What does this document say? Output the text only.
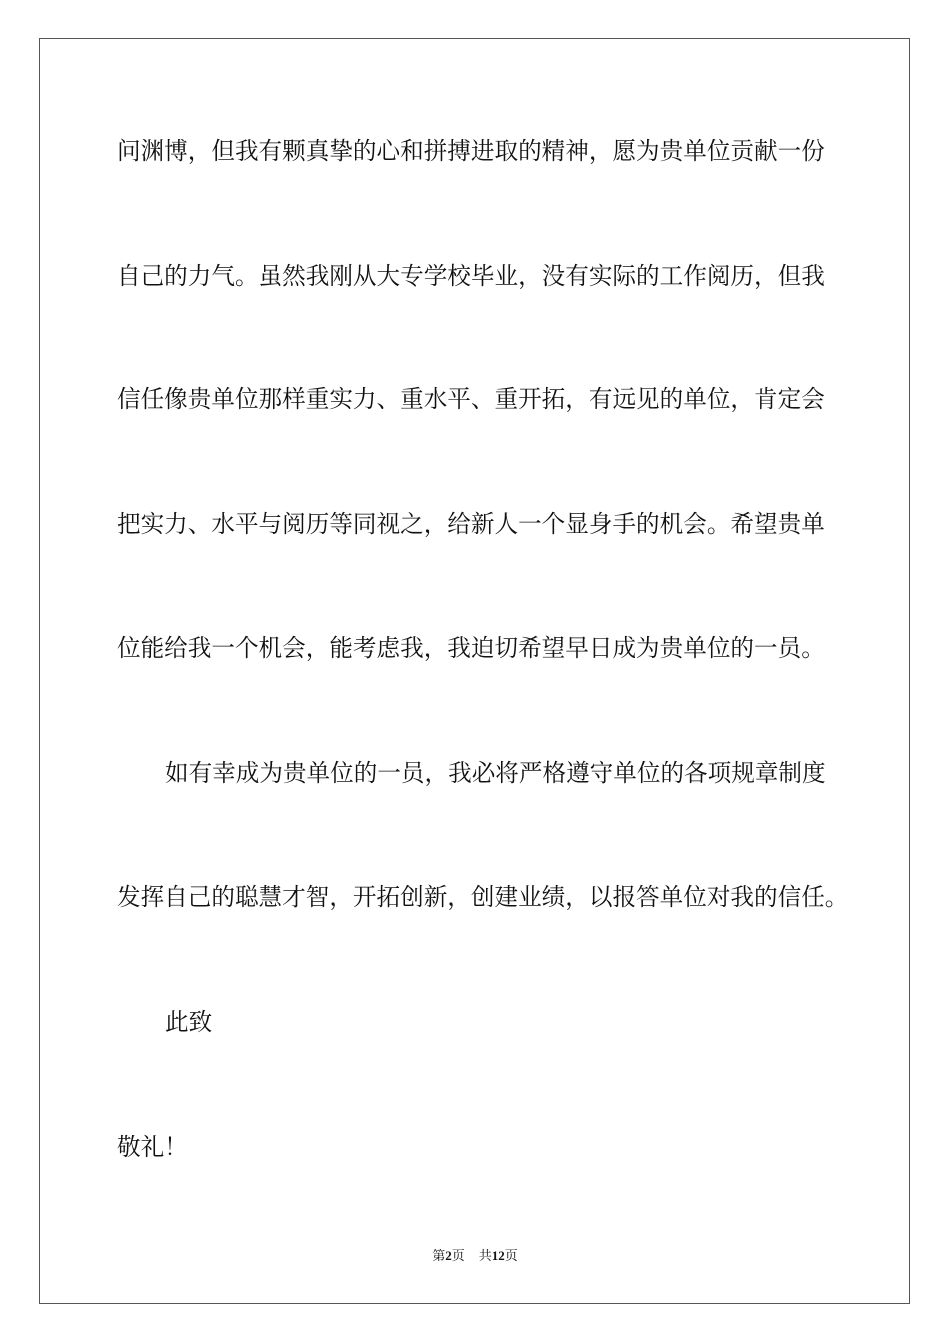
问渊博，但我有颗真挚的心和拼搏进取的精神，愿为贵单位贡献一份

自己的力气。虽然我刚从大专学校毕业，没有实际的工作阅历，但我

信任像贵单位那样重实力、重水平、重开拓，有远见的单位，肯定会

把实力、水平与阅历等同视之，给新人一个显身手的机会。希望贵单

位能给我一个机会，能考虑我，我迫切希望早日成为贵单位的一员。

如有幸成为贵单位的一员，我必将严格遵守单位的各项规章制度

发挥自己的聪慧才智，开拓创新，创建业绩，以报答单位对我的信任。

此致

敬礼！

第2页 共12页
